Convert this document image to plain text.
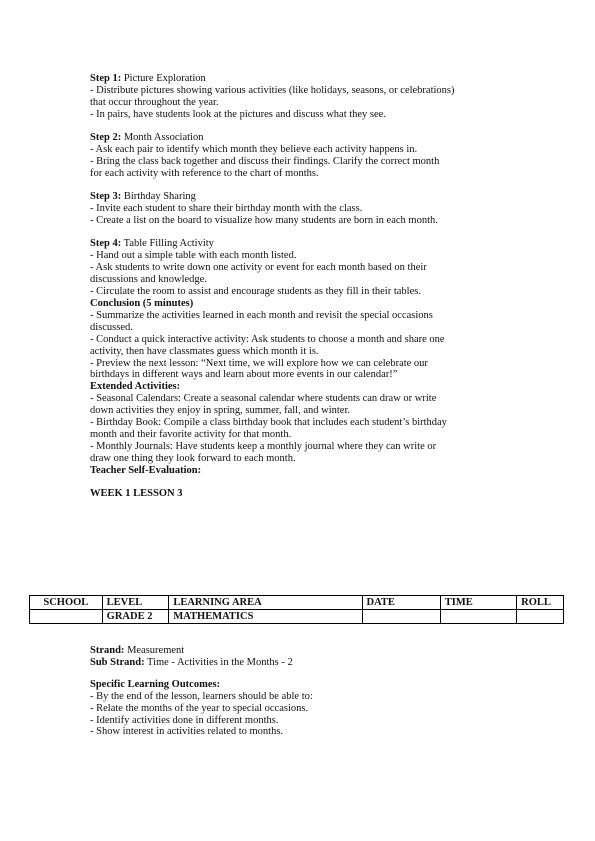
Step 1: Picture Exploration
- Distribute pictures showing various activities (like holidays, seasons, or celebrations)
that occur throughout the year.
- In pairs, have students look at the pictures and discuss what they see.
Step 2: Month Association
- Ask each pair to identify which month they believe each activity happens in.
- Bring the class back together and discuss their findings. Clarify the correct month
for each activity with reference to the chart of months.
Step 3: Birthday Sharing
- Invite each student to share their birthday month with the class.
- Create a list on the board to visualize how many students are born in each month.
Step 4: Table Filling Activity
- Hand out a simple table with each month listed.
- Ask students to write down one activity or event for each month based on their
discussions and knowledge.
- Circulate the room to assist and encourage students as they fill in their tables.
Conclusion (5 minutes)
- Summarize the activities learned in each month and revisit the special occasions
discussed.
- Conduct a quick interactive activity: Ask students to choose a month and share one
activity, then have classmates guess which month it is.
- Preview the next lesson: “Next time, we will explore how we can celebrate our
birthdays in different ways and learn about more events in our calendar!”
Extended Activities:
- Seasonal Calendars: Create a seasonal calendar where students can draw or write
down activities they enjoy in spring, summer, fall, and winter.
- Birthday Book: Compile a class birthday book that includes each student’s birthday
month and their favorite activity for that month.
- Monthly Journals: Have students keep a monthly journal where they can write or
draw one thing they look forward to each month.
Teacher Self-Evaluation:
WEEK 1 LESSON 3
SCHOOL	LEVEL	LEARNING AREA	DATE	TIME	ROLL
	GRADE 2	MATHEMATICS			
Strand: Measurement
Sub Strand: Time - Activities in the Months - 2
Specific Learning Outcomes:
- By the end of the lesson, learners should be able to:
- Relate the months of the year to special occasions.
- Identify activities done in different months.
- Show interest in activities related to months.
